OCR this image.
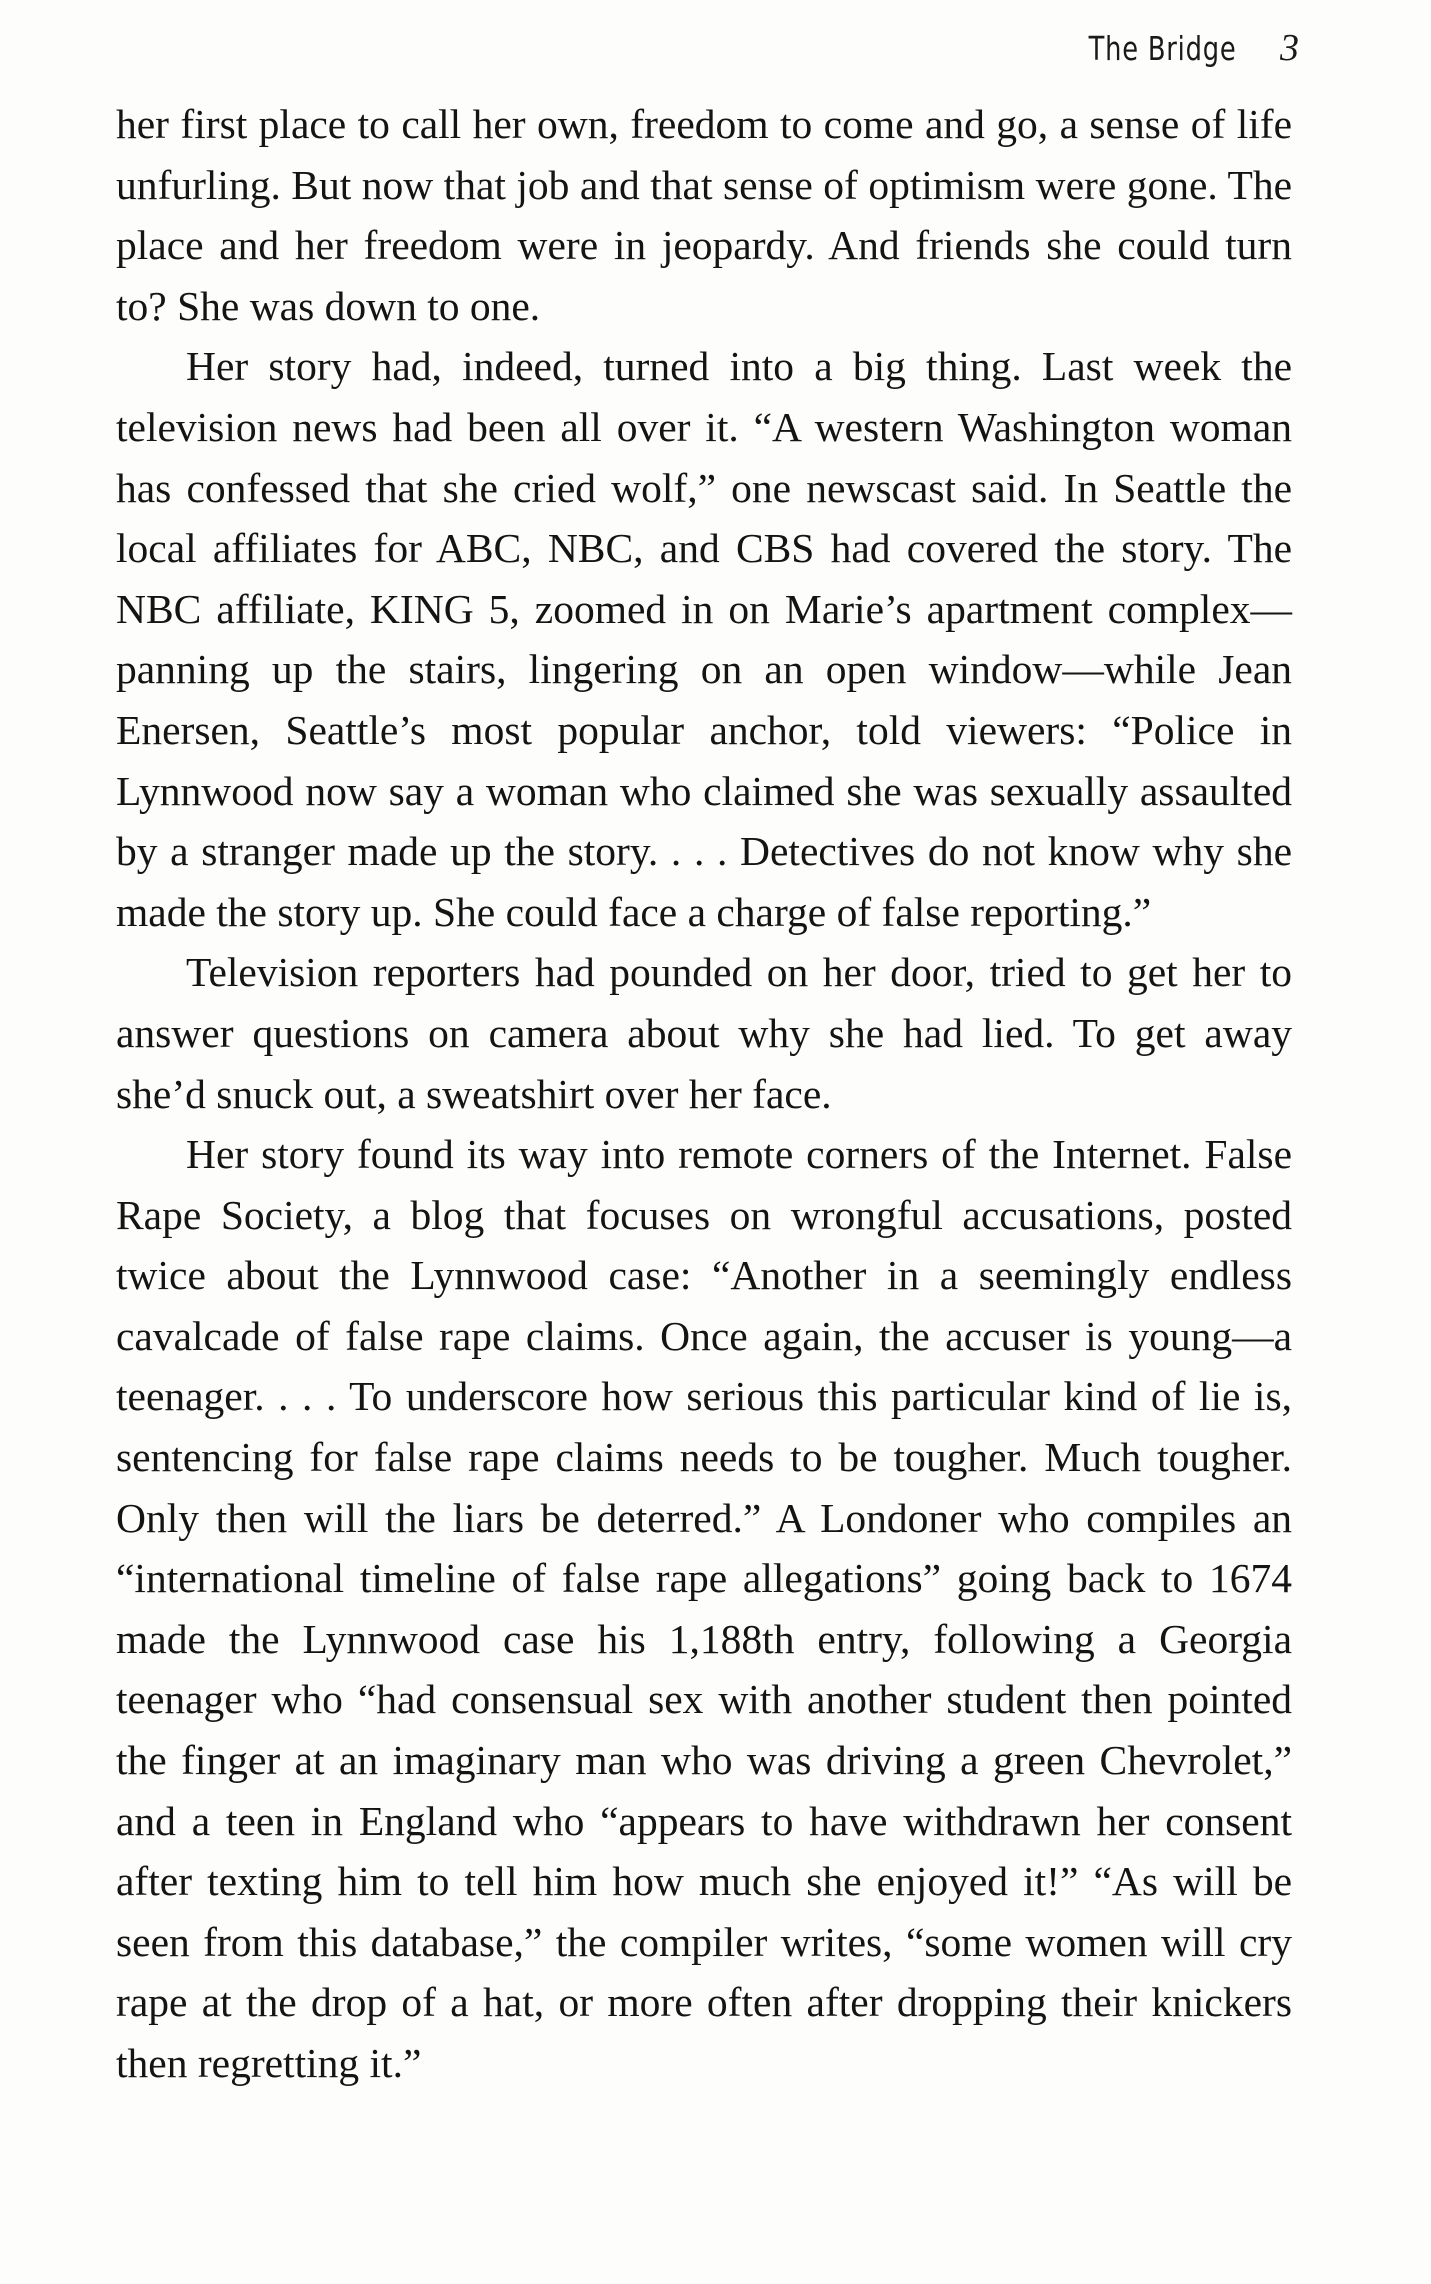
The Bridge 3

her first place to call her own, freedom to come and go, a sense of life unfurling. But now that job and that sense of optimism were gone. The place and her freedom were in jeopardy. And friends she could turn to? She was down to one.

Her story had, indeed, turned into a big thing. Last week the television news had been all over it. “A western Washington woman has confessed that she cried wolf,” one newscast said. In Seattle the local affiliates for ABC, NBC, and CBS had covered the story. The NBC affiliate, KING 5, zoomed in on Marie’s apartment complex—panning up the stairs, lingering on an open window—while Jean Enersen, Seattle’s most popular anchor, told viewers: “Police in Lynnwood now say a woman who claimed she was sexually assaulted by a stranger made up the story. . . . Detectives do not know why she made the story up. She could face a charge of false reporting.”

Television reporters had pounded on her door, tried to get her to answer questions on camera about why she had lied. To get away she’d snuck out, a sweatshirt over her face.

Her story found its way into remote corners of the Internet. False Rape Society, a blog that focuses on wrongful accusations, posted twice about the Lynnwood case: “Another in a seemingly endless cavalcade of false rape claims. Once again, the accuser is young—a teenager. . . . To underscore how serious this particular kind of lie is, sentencing for false rape claims needs to be tougher. Much tougher. Only then will the liars be deterred.” A Londoner who compiles an “international timeline of false rape allegations” going back to 1674 made the Lynnwood case his 1,188th entry, following a Georgia teenager who “had consensual sex with another student then pointed the finger at an imaginary man who was driving a green Chevrolet,” and a teen in England who “appears to have withdrawn her consent after texting him to tell him how much she enjoyed it!” “As will be seen from this database,” the compiler writes, “some women will cry rape at the drop of a hat, or more often after dropping their knickers then regretting it.”
